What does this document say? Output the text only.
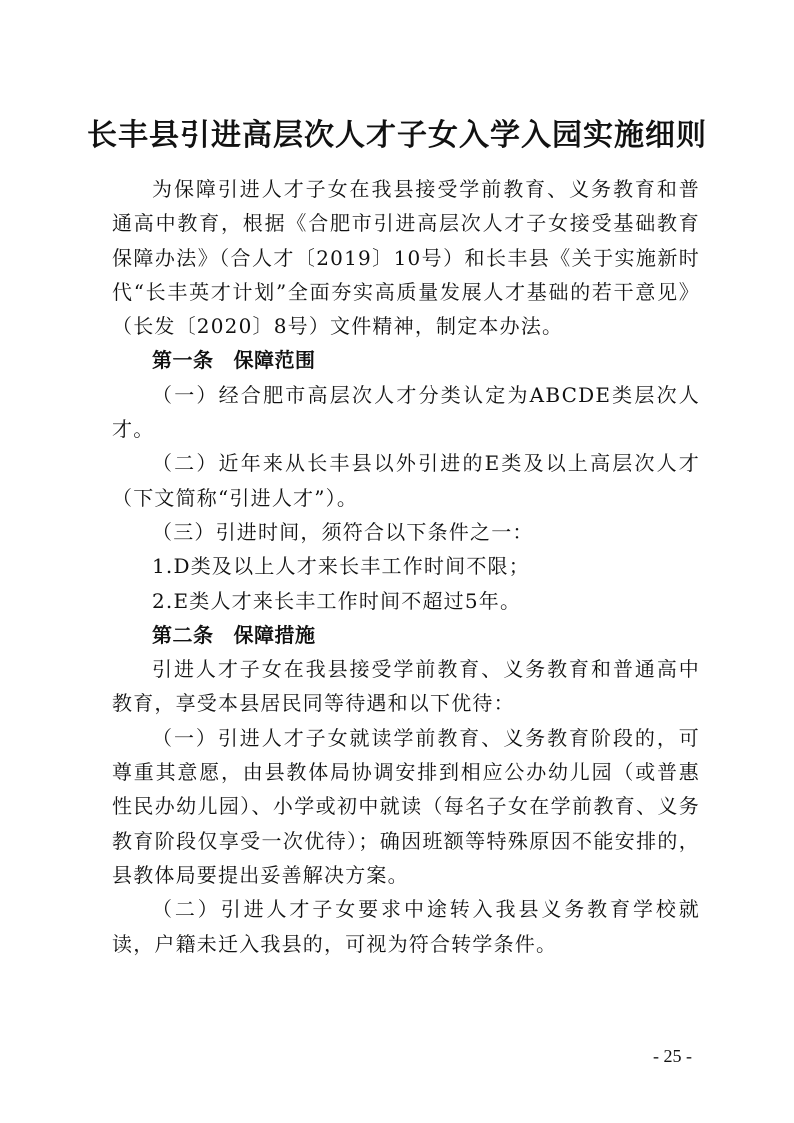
长丰县引进高层次人才子女入学入园实施细则

为保障引进人才子女在我县接受学前教育、义务教育和普通高中教育，根据《合肥市引进高层次人才子女接受基础教育保障办法》（合人才〔2019〕10号）和长丰县《关于实施新时代“长丰英才计划”全面夯实高质量发展人才基础的若干意见》（长发〔2020〕8号）文件精神，制定本办法。

第一条 保障范围

（一）经合肥市高层次人才分类认定为ABCDE类层次人才。

（二）近年来从长丰县以外引进的E类及以上高层次人才（下文简称“引进人才”）。

（三）引进时间，须符合以下条件之一：

1.D类及以上人才来长丰工作时间不限；

2.E类人才来长丰工作时间不超过5年。

第二条 保障措施

引进人才子女在我县接受学前教育、义务教育和普通高中教育，享受本县居民同等待遇和以下优待：

（一）引进人才子女就读学前教育、义务教育阶段的，可尊重其意愿，由县教体局协调安排到相应公办幼儿园（或普惠性民办幼儿园）、小学或初中就读（每名子女在学前教育、义务教育阶段仅享受一次优待）；确因班额等特殊原因不能安排的，县教体局要提出妥善解决方案。

（二）引进人才子女要求中途转入我县义务教育学校就读，户籍未迁入我县的，可视为符合转学条件。

- 25 -
